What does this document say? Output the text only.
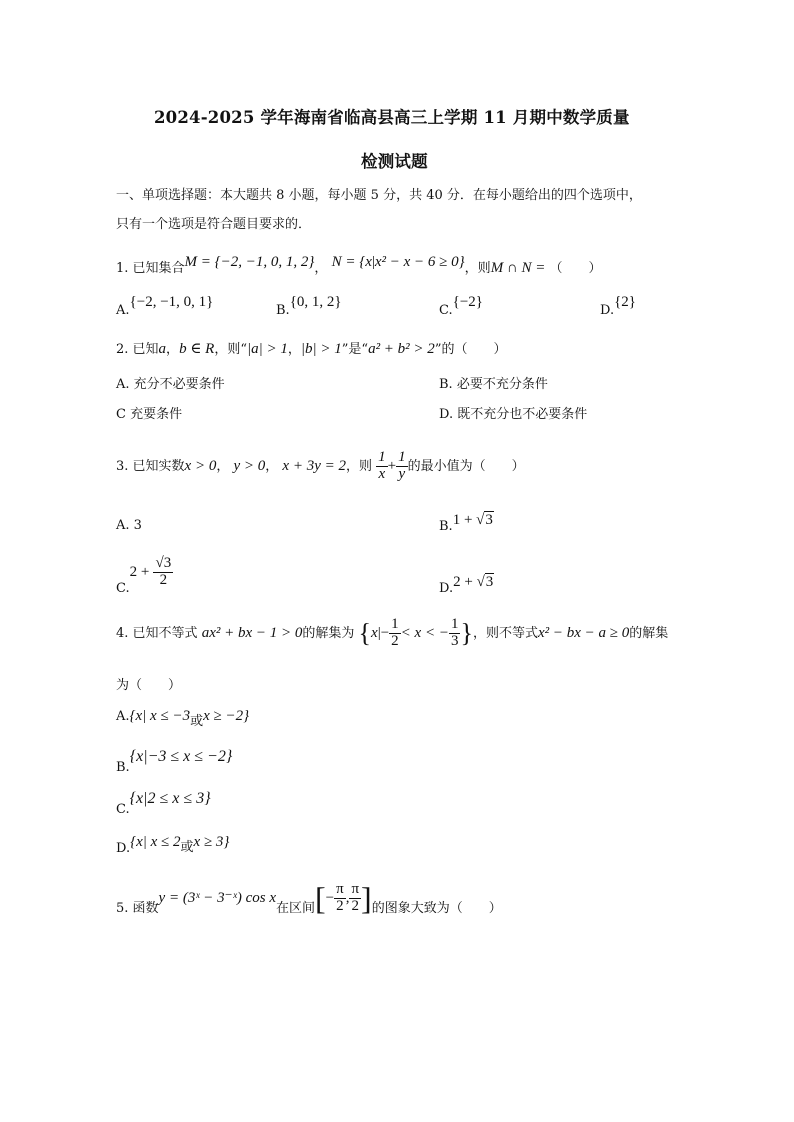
2024-2025 学年海南省临高县高三上学期 11 月期中数学质量
检测试题
一、单项选择题：本大题共 8 小题，每小题 5 分，共 40 分．在每小题给出的四个选项中，
只有一个选项是符合题目要求的．
1. 已知集合M = {−2, −1, 0, 1, 2}， N = {x|x² − x − 6 ≥ 0}，则M ∩ N = （　　）
A.{−2, −1, 0, 1}
B.{0, 1, 2}
C.{−2}
D.{2}
2. 已知a，b ∈ R，则“|a| > 1，|b| > 1”是“a² + b² > 2”的（　　）
A. 充分不必要条件	B. 必要不充分条件
C 充要条件	D. 既不充分也不必要条件
3. 已知实数x > 0， y > 0， x + 3y = 2，则 $\frac{1}{x} + \frac{1}{y}$ 的最小值为（　　）
A. 3	B.1 + √3
$C.2 + \frac{√3}{2}$	D.2 + √3
4. 已知不等式 ax² + bx − 1 > 0的解集为 {$x|- \frac{1}{2} < x$ < − $\frac{1}{3}$ }，则不等式x² − bx − a ≥ 0的解集
为（　　）
A.{x| x ≤ −3或x ≥ −2}
B.{x|−3 ≤ x ≤ −2}
C.{x|2 ≤ x ≤ 3}
D.{x| x ≤ 2或x ≥ 3}
5. 函数y = (3ˣ − 3⁻ˣ) cos x在区间[− $\frac{\pi}{2}$ , $\frac{\pi}{2}$ ]的图象大致为（　　）
